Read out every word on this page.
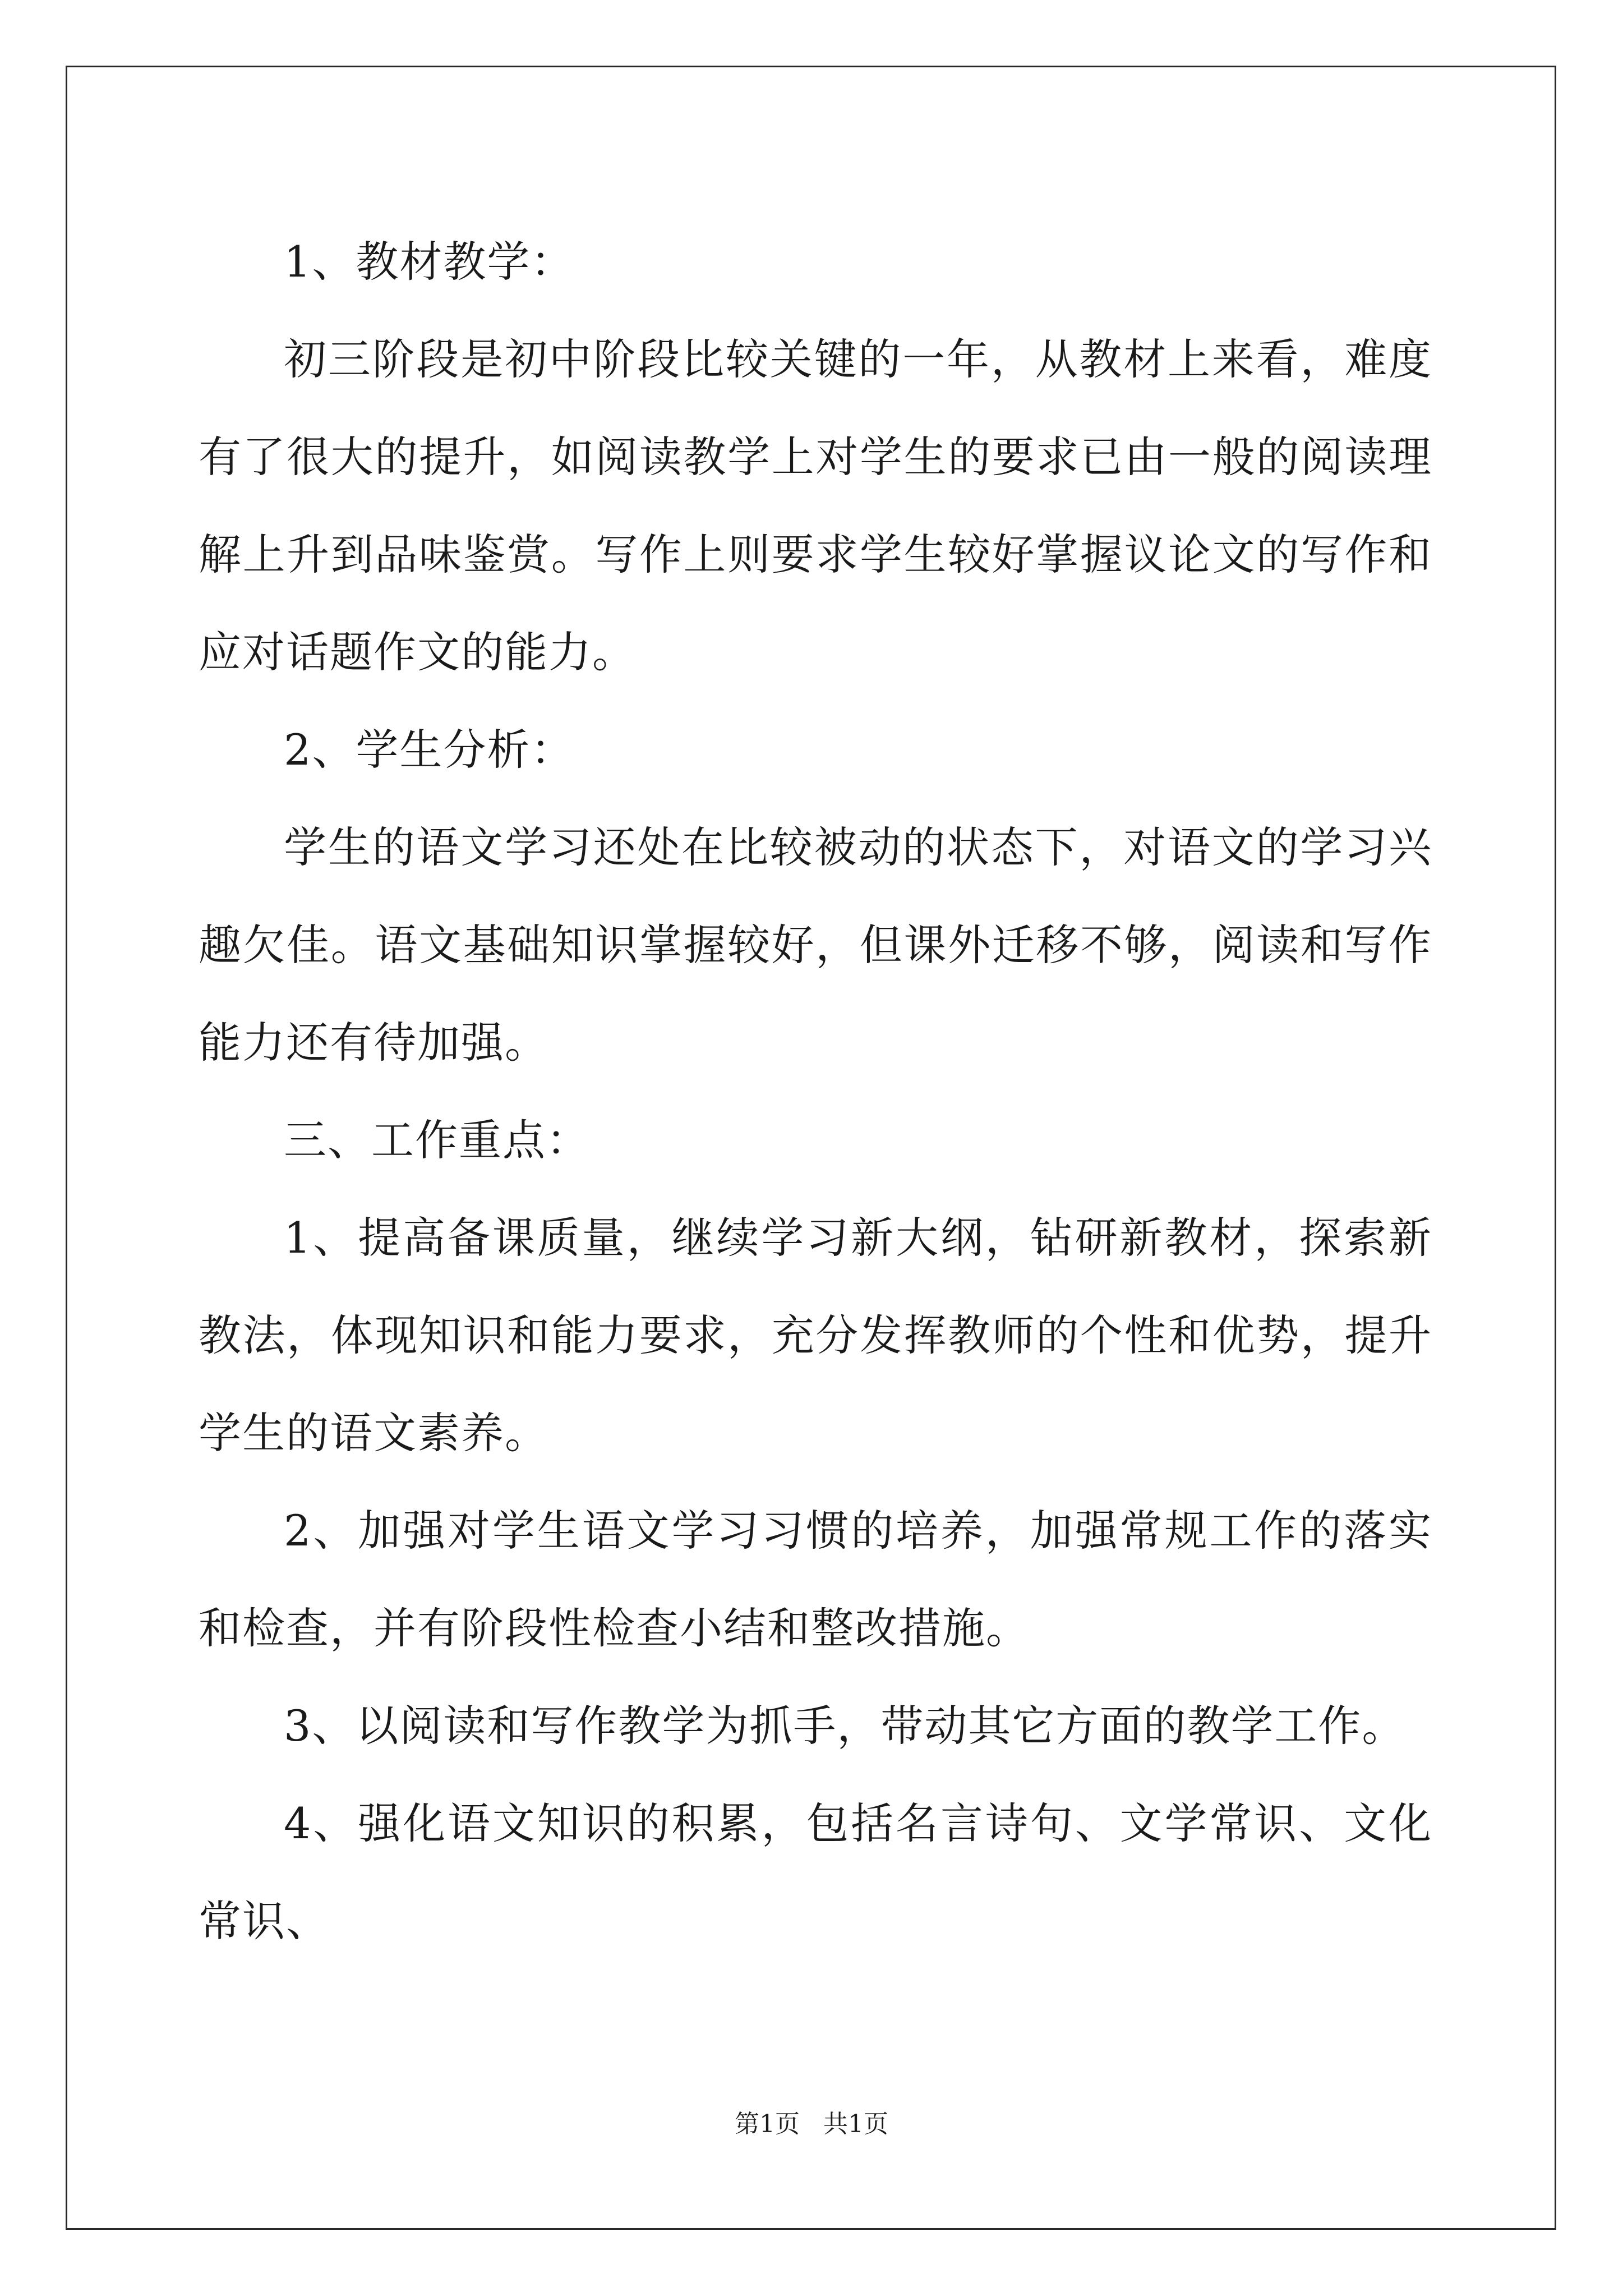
1、教材教学：

初三阶段是初中阶段比较关键的一年，从教材上来看，难度有了很大的提升，如阅读教学上对学生的要求已由一般的阅读理解上升到品味鉴赏。写作上则要求学生较好掌握议论文的写作和应对话题作文的能力。

2、学生分析：

学生的语文学习还处在比较被动的状态下，对语文的学习兴趣欠佳。语文基础知识掌握较好，但课外迁移不够，阅读和写作能力还有待加强。

三、工作重点：

1、提高备课质量，继续学习新大纲，钻研新教材，探索新教法，体现知识和能力要求，充分发挥教师的个性和优势，提升学生的语文素养。

2、加强对学生语文学习习惯的培养，加强常规工作的落实和检查，并有阶段性检查小结和整改措施。

3、以阅读和写作教学为抓手，带动其它方面的教学工作。

4、强化语文知识的积累，包括名言诗句、文学常识、文化常识、

第1页 共1页
